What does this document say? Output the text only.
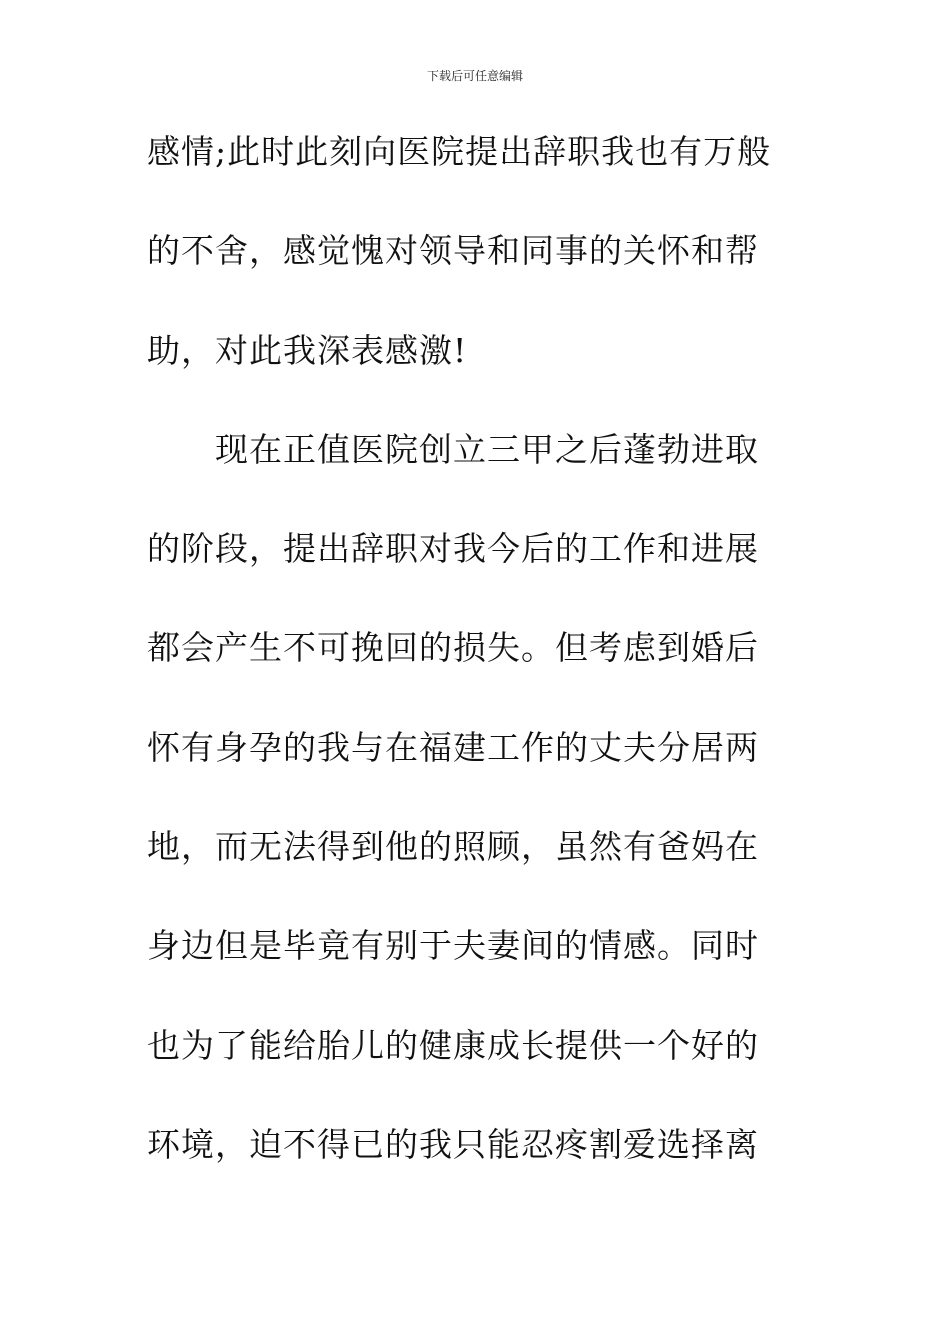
下载后可任意编辑
感情;此时此刻向医院提出辞职我也有万般
的不舍，感觉愧对领导和同事的关怀和帮
助，对此我深表感激!
　　现在正值医院创立三甲之后蓬勃进取
的阶段，提出辞职对我今后的工作和进展
都会产生不可挽回的损失。但考虑到婚后
怀有身孕的我与在福建工作的丈夫分居两
地，而无法得到他的照顾，虽然有爸妈在
身边但是毕竟有别于夫妻间的情感。同时
也为了能给胎儿的健康成长提供一个好的
环境，迫不得已的我只能忍疼割爱选择离
